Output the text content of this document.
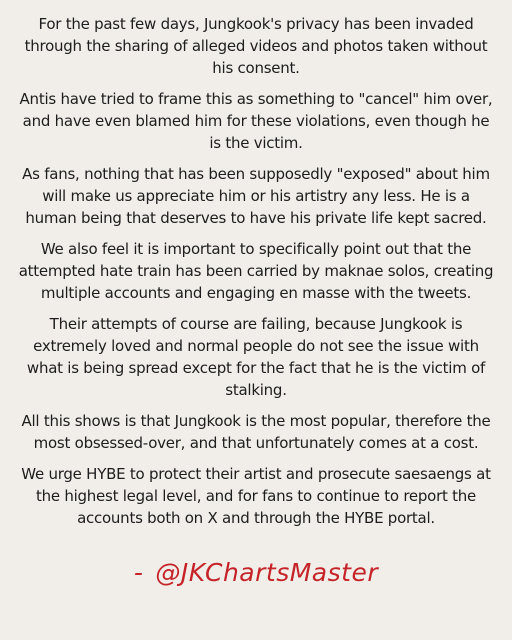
For the past few days, Jungkook's privacy has been invaded through the sharing of alleged videos and photos taken without his consent.

Antis have tried to frame this as something to "cancel" him over, and have even blamed him for these violations, even though he is the victim.

As fans, nothing that has been supposedly "exposed" about him will make us appreciate him or his artistry any less. He is a human being that deserves to have his private life kept sacred.

We also feel it is important to specifically point out that the attempted hate train has been carried by maknae solos, creating multiple accounts and engaging en masse with the tweets.

Their attempts of course are failing, because Jungkook is extremely loved and normal people do not see the issue with what is being spread except for the fact that he is the victim of stalking.

All this shows is that Jungkook is the most popular, therefore the most obsessed-over, and that unfortunately comes at a cost.

We urge HYBE to protect their artist and prosecute saesaengs at the highest legal level, and for fans to continue to report the accounts both on X and through the HYBE portal.

- @JKChartsMaster
